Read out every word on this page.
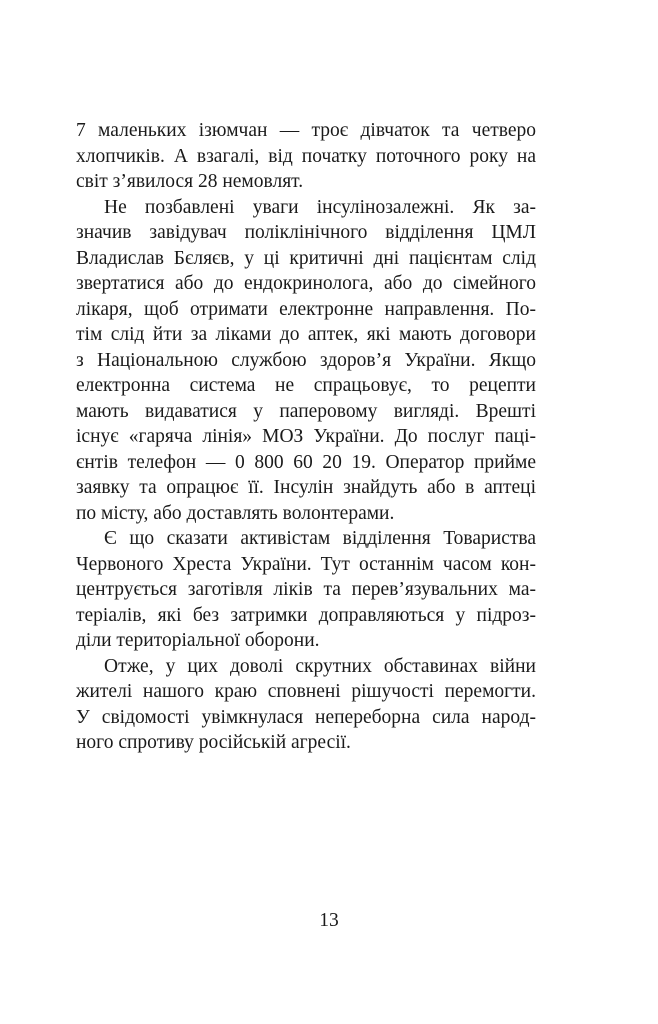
7 маленьких ізюмчан — троє дівчаток та четверо
хлопчиків. А взагалі, від початку поточного року на
світ з’явилося 28 немовлят.
Не позбавлені уваги інсулінозалежні. Як за-
значив завідувач поліклінічного відділення ЦМЛ
Владислав Бєляєв, у ці критичні дні пацієнтам слід
звертатися або до ендокринолога, або до сімейного
лікаря, щоб отримати електронне направлення. По-
тім слід йти за ліками до аптек, які мають договори
з Національною службою здоров’я України. Якщо
електронна система не спрацьовує, то рецепти
мають видаватися у паперовому вигляді. Врешті
існує «гаряча лінія» МОЗ України. До послуг паці-
єнтів телефон — 0 800 60 20 19. Оператор прийме
заявку та опрацює її. Інсулін знайдуть або в аптеці
по місту, або доставлять волонтерами.
Є що сказати активістам відділення Товариства
Червоного Хреста України. Тут останнім часом кон-
центрується заготівля ліків та перев’язувальних ма-
теріалів, які без затримки доправляються у підроз-
діли територіальної оборони.
Отже, у цих доволі скрутних обставинах війни
жителі нашого краю сповнені рішучості перемогти.
У свідомості увімкнулася непереборна сила народ-
ного спротиву російській агресії.
13
